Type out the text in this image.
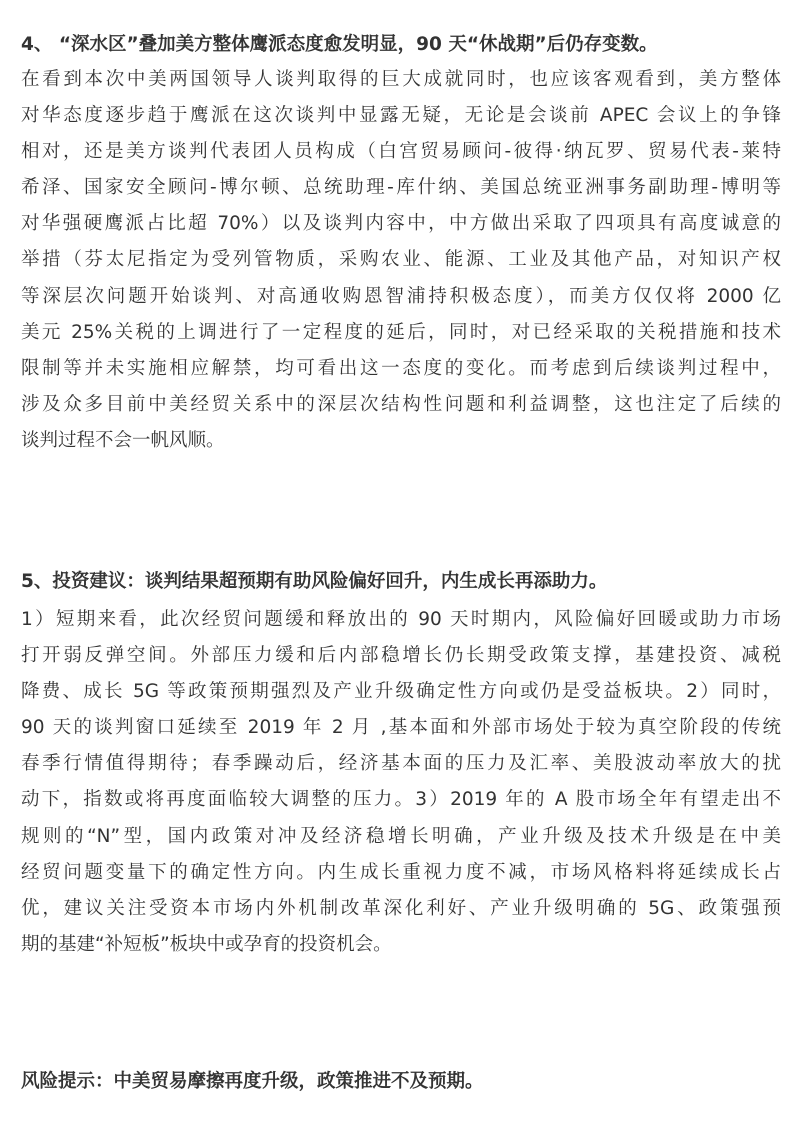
4、 “深水区”叠加美方整体鹰派态度愈发明显，90 天“休战期”后仍存变数。
在看到本次中美两国领导人谈判取得的巨大成就同时，也应该客观看到，美方整体
对华态度逐步趋于鹰派在这次谈判中显露无疑，无论是会谈前 APEC 会议上的争锋
相对，还是美方谈判代表团人员构成（白宫贸易顾问-彼得·纳瓦罗、贸易代表-莱特
希泽、国家安全顾问-博尔顿、总统助理-库什纳、美国总统亚洲事务副助理-博明等
对华强硬鹰派占比超 70%）以及谈判内容中，中方做出采取了四项具有高度诚意的
举措（芬太尼指定为受列管物质，采购农业、能源、工业及其他产品，对知识产权
等深层次问题开始谈判、对高通收购恩智浦持积极态度），而美方仅仅将 2000 亿
美元 25%关税的上调进行了一定程度的延后，同时，对已经采取的关税措施和技术
限制等并未实施相应解禁，均可看出这一态度的变化。而考虑到后续谈判过程中，
涉及众多目前中美经贸关系中的深层次结构性问题和利益调整，这也注定了后续的
谈判过程不会一帆风顺。
5、投资建议：谈判结果超预期有助风险偏好回升，内生成长再添助力。
1）短期来看，此次经贸问题缓和释放出的 90 天时期内，风险偏好回暖或助力市场
打开弱反弹空间。外部压力缓和后内部稳增长仍长期受政策支撑，基建投资、减税
降费、成长 5G 等政策预期强烈及产业升级确定性方向或仍是受益板块。2）同时，
90 天的谈判窗口延续至 2019 年 2 月 ,基本面和外部市场处于较为真空阶段的传统
春季行情值得期待；春季躁动后，经济基本面的压力及汇率、美股波动率放大的扰
动下，指数或将再度面临较大调整的压力。3）2019 年的 A 股市场全年有望走出不
规则的“N”型，国内政策对冲及经济稳增长明确，产业升级及技术升级是在中美
经贸问题变量下的确定性方向。内生成长重视力度不减，市场风格料将延续成长占
优，建议关注受资本市场内外机制改革深化利好、产业升级明确的 5G、政策强预
期的基建“补短板”板块中或孕育的投资机会。
风险提示：中美贸易摩擦再度升级，政策推进不及预期。
